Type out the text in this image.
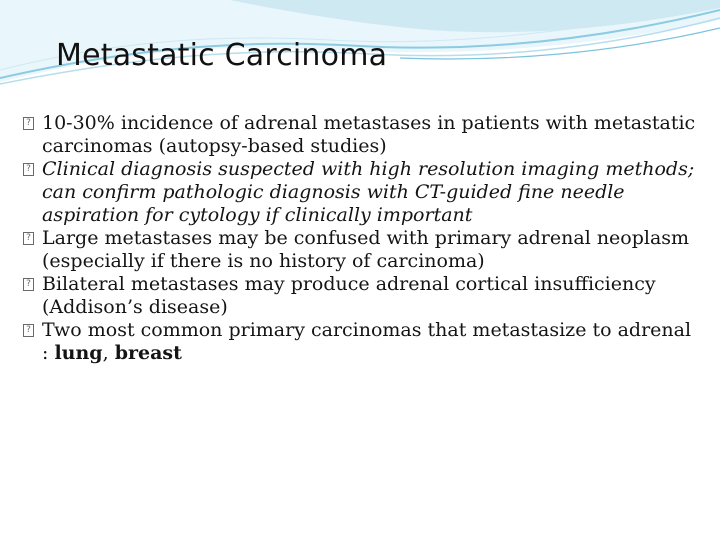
Metastatic Carcinoma
? 10-30% incidence of adrenal metastases in patients with metastatic carcinomas (autopsy-based studies)
? Clinical diagnosis suspected with high resolution imaging methods; can confirm pathologic diagnosis with CT-guided fine needle aspiration for cytology if clinically important
? Large metastases may be confused with primary adrenal neoplasm (especially if there is no history of carcinoma)
? Bilateral metastases may produce adrenal cortical insufficiency (Addison’s disease)
? Two most common primary carcinomas that metastasize to adrenal : lung, breast
